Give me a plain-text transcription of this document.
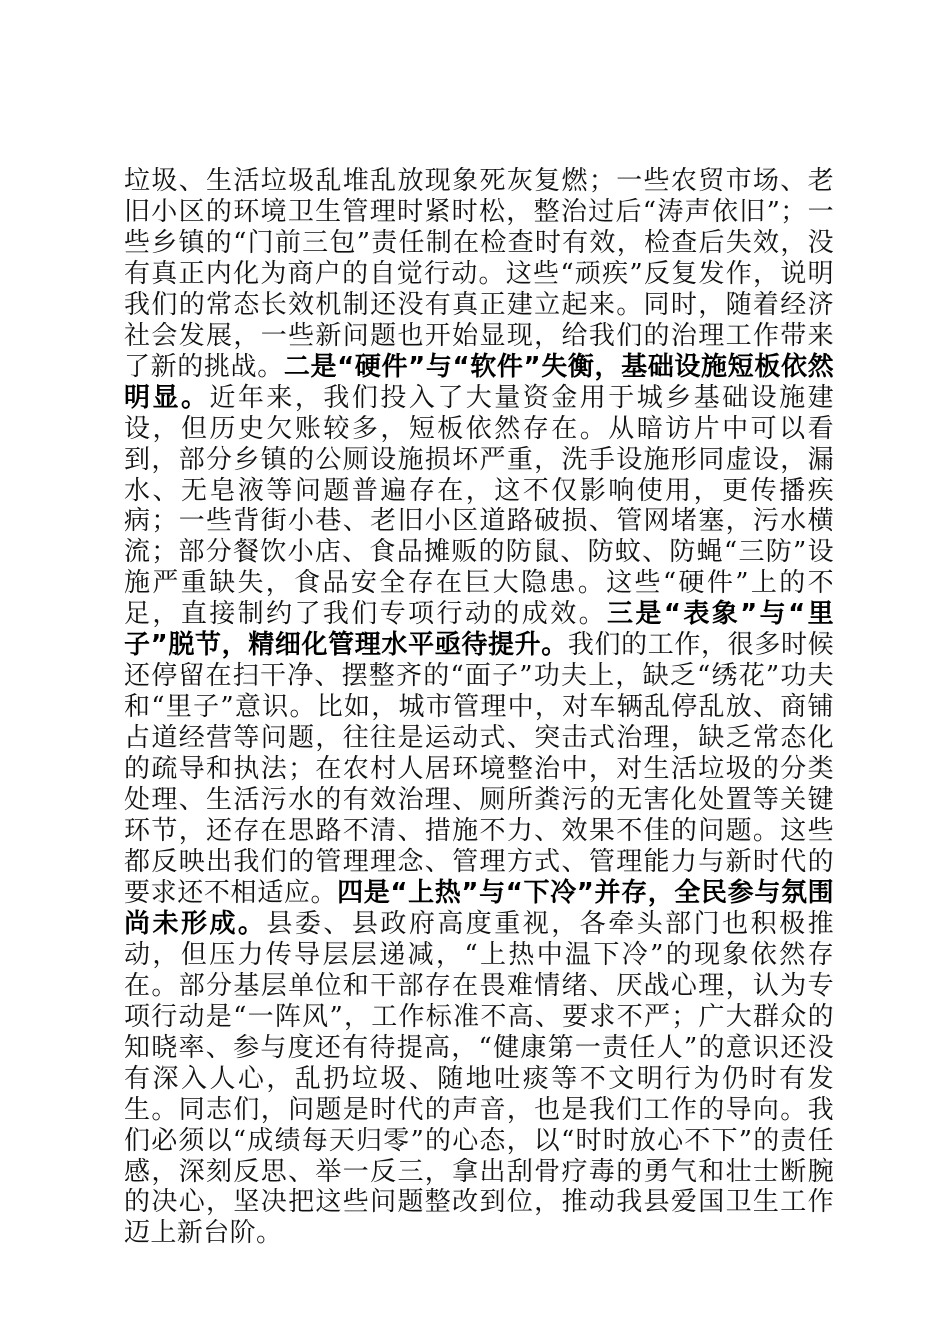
垃圾、生活垃圾乱堆乱放现象死灰复燃；一些农贸市场、老旧小区的环境卫生管理时紧时松，整治过后“涛声依旧”；一些乡镇的“门前三包”责任制在检查时有效，检查后失效，没有真正内化为商户的自觉行动。这些“顽疾”反复发作，说明我们的常态长效机制还没有真正建立起来。同时，随着经济社会发展，一些新问题也开始显现，给我们的治理工作带来了新的挑战。二是“硬件”与“软件”失衡，基础设施短板依然明显。近年来，我们投入了大量资金用于城乡基础设施建设，但历史欠账较多，短板依然存在。从暗访片中可以看到，部分乡镇的公厕设施损坏严重，洗手设施形同虚设，漏水、无皂液等问题普遍存在，这不仅影响使用，更传播疾病；一些背街小巷、老旧小区道路破损、管网堵塞，污水横流；部分餐饮小店、食品摊贩的防鼠、防蚊、防蝇“三防”设施严重缺失，食品安全存在巨大隐患。这些“硬件”上的不足，直接制约了我们专项行动的成效。三是“表象”与“里子”脱节，精细化管理水平亟待提升。我们的工作，很多时候还停留在扫干净、摆整齐的“面子”功夫上，缺乏“绣花”功夫和“里子”意识。比如，城市管理中，对车辆乱停乱放、商铺占道经营等问题，往往是运动式、突击式治理，缺乏常态化的疏导和执法；在农村人居环境整治中，对生活垃圾的分类处理、生活污水的有效治理、厕所粪污的无害化处置等关键环节，还存在思路不清、措施不力、效果不佳的问题。这些都反映出我们的管理理念、管理方式、管理能力与新时代的要求还不相适应。四是“上热”与“下冷”并存，全民参与氛围尚未形成。县委、县政府高度重视，各牵头部门也积极推动，但压力传导层层递减，“上热中温下冷”的现象依然存在。部分基层单位和干部存在畏难情绪、厌战心理，认为专项行动是“一阵风”，工作标准不高、要求不严；广大群众的知晓率、参与度还有待提高，“健康第一责任人”的意识还没有深入人心，乱扔垃圾、随地吐痰等不文明行为仍时有发生。同志们，问题是时代的声音，也是我们工作的导向。我们必须以“成绩每天归零”的心态，以“时时放心不下”的责任感，深刻反思、举一反三，拿出刮骨疗毒的勇气和壮士断腕的决心，坚决把这些问题整改到位，推动我县爱国卫生工作迈上新台阶。
